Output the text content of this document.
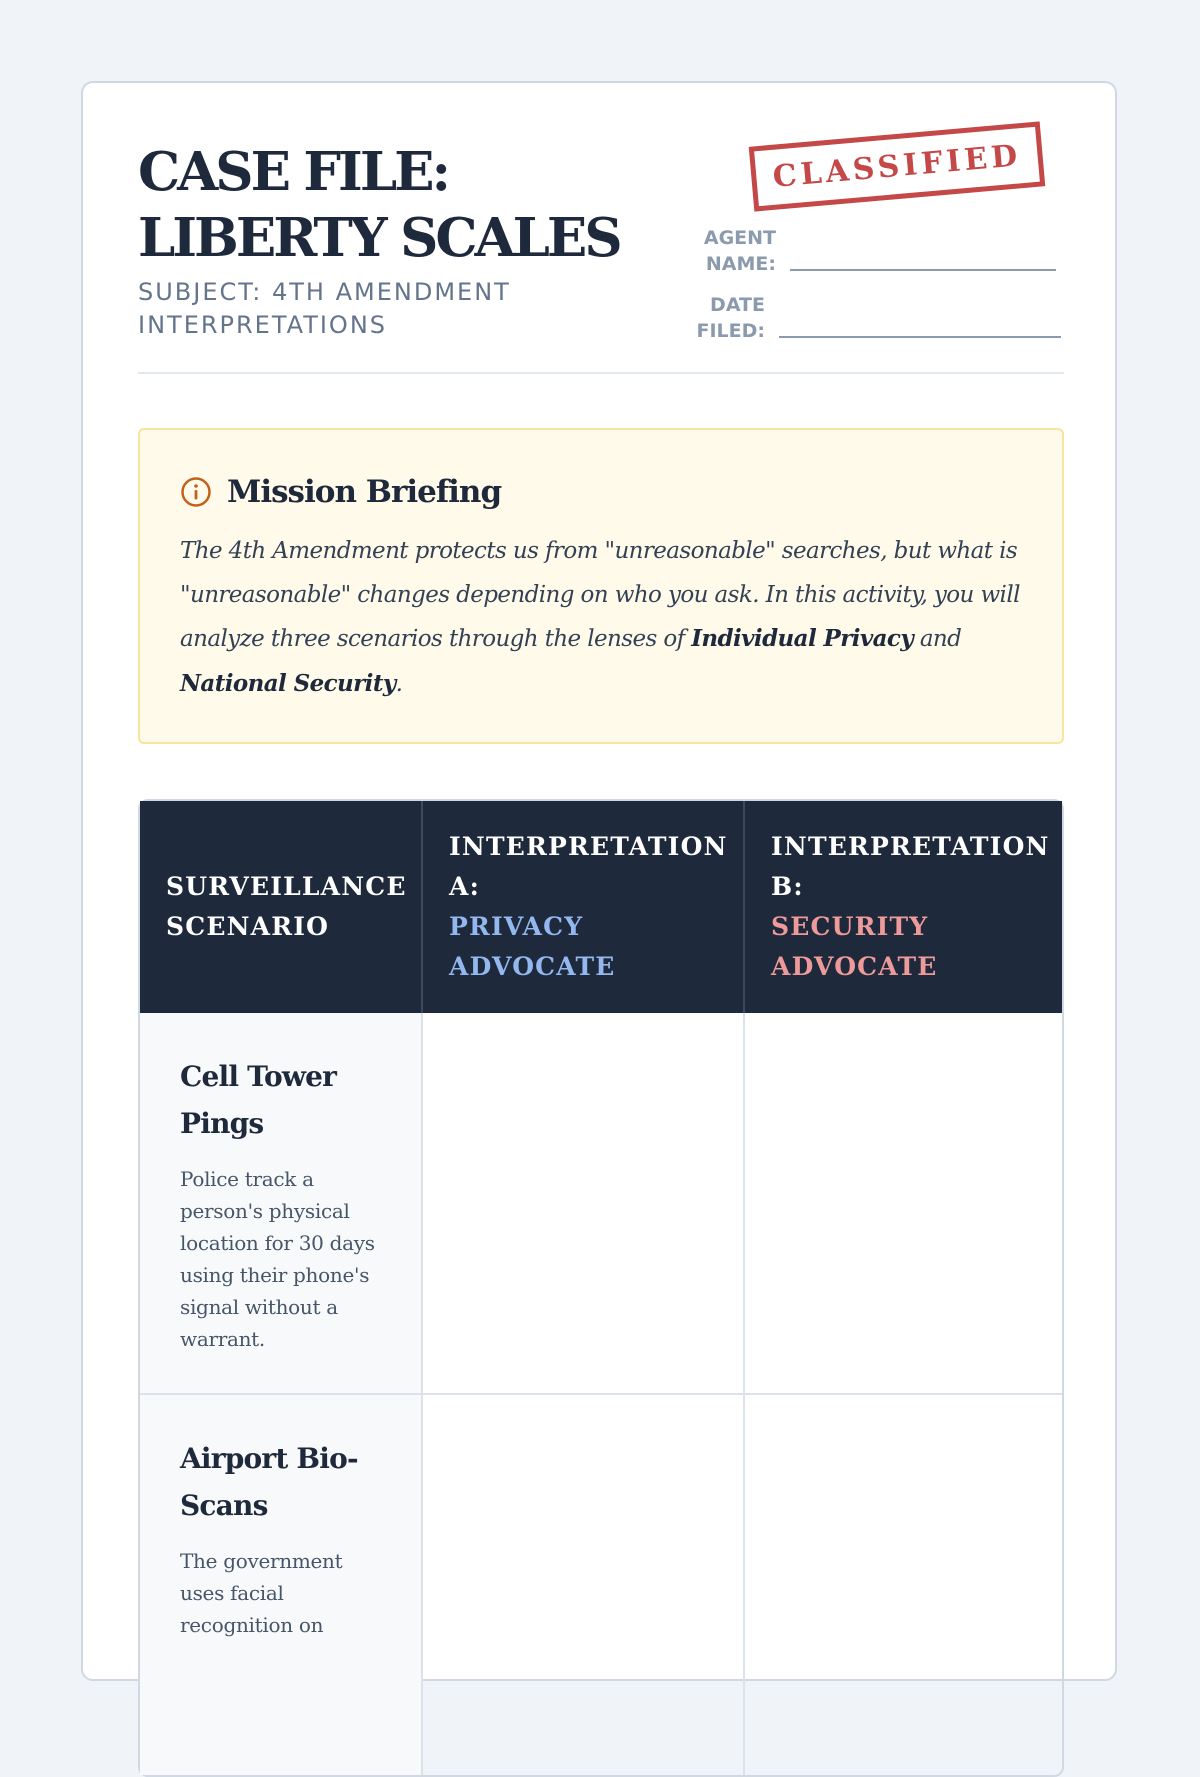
CASE FILE:
LIBERTY SCALES
SUBJECT: 4TH AMENDMENT INTERPRETATIONS
CLASSIFIED
AGENT NAME:
DATE FILED:
Mission Briefing

The 4th Amendment protects us from "unreasonable" searches, but what is "unreasonable" changes depending on who you ask. In this activity, you will analyze three scenarios through the lenses of Individual Privacy and National Security.

SURVEILLANCE SCENARIO
INTERPRETATION A:
PRIVACY ADVOCATE
INTERPRETATION B:
SECURITY ADVOCATE

Cell Tower Pings

Police track a person's physical location for 30 days using their phone's signal without a warrant.

Airport Bio-Scans

The government uses facial recognition on
